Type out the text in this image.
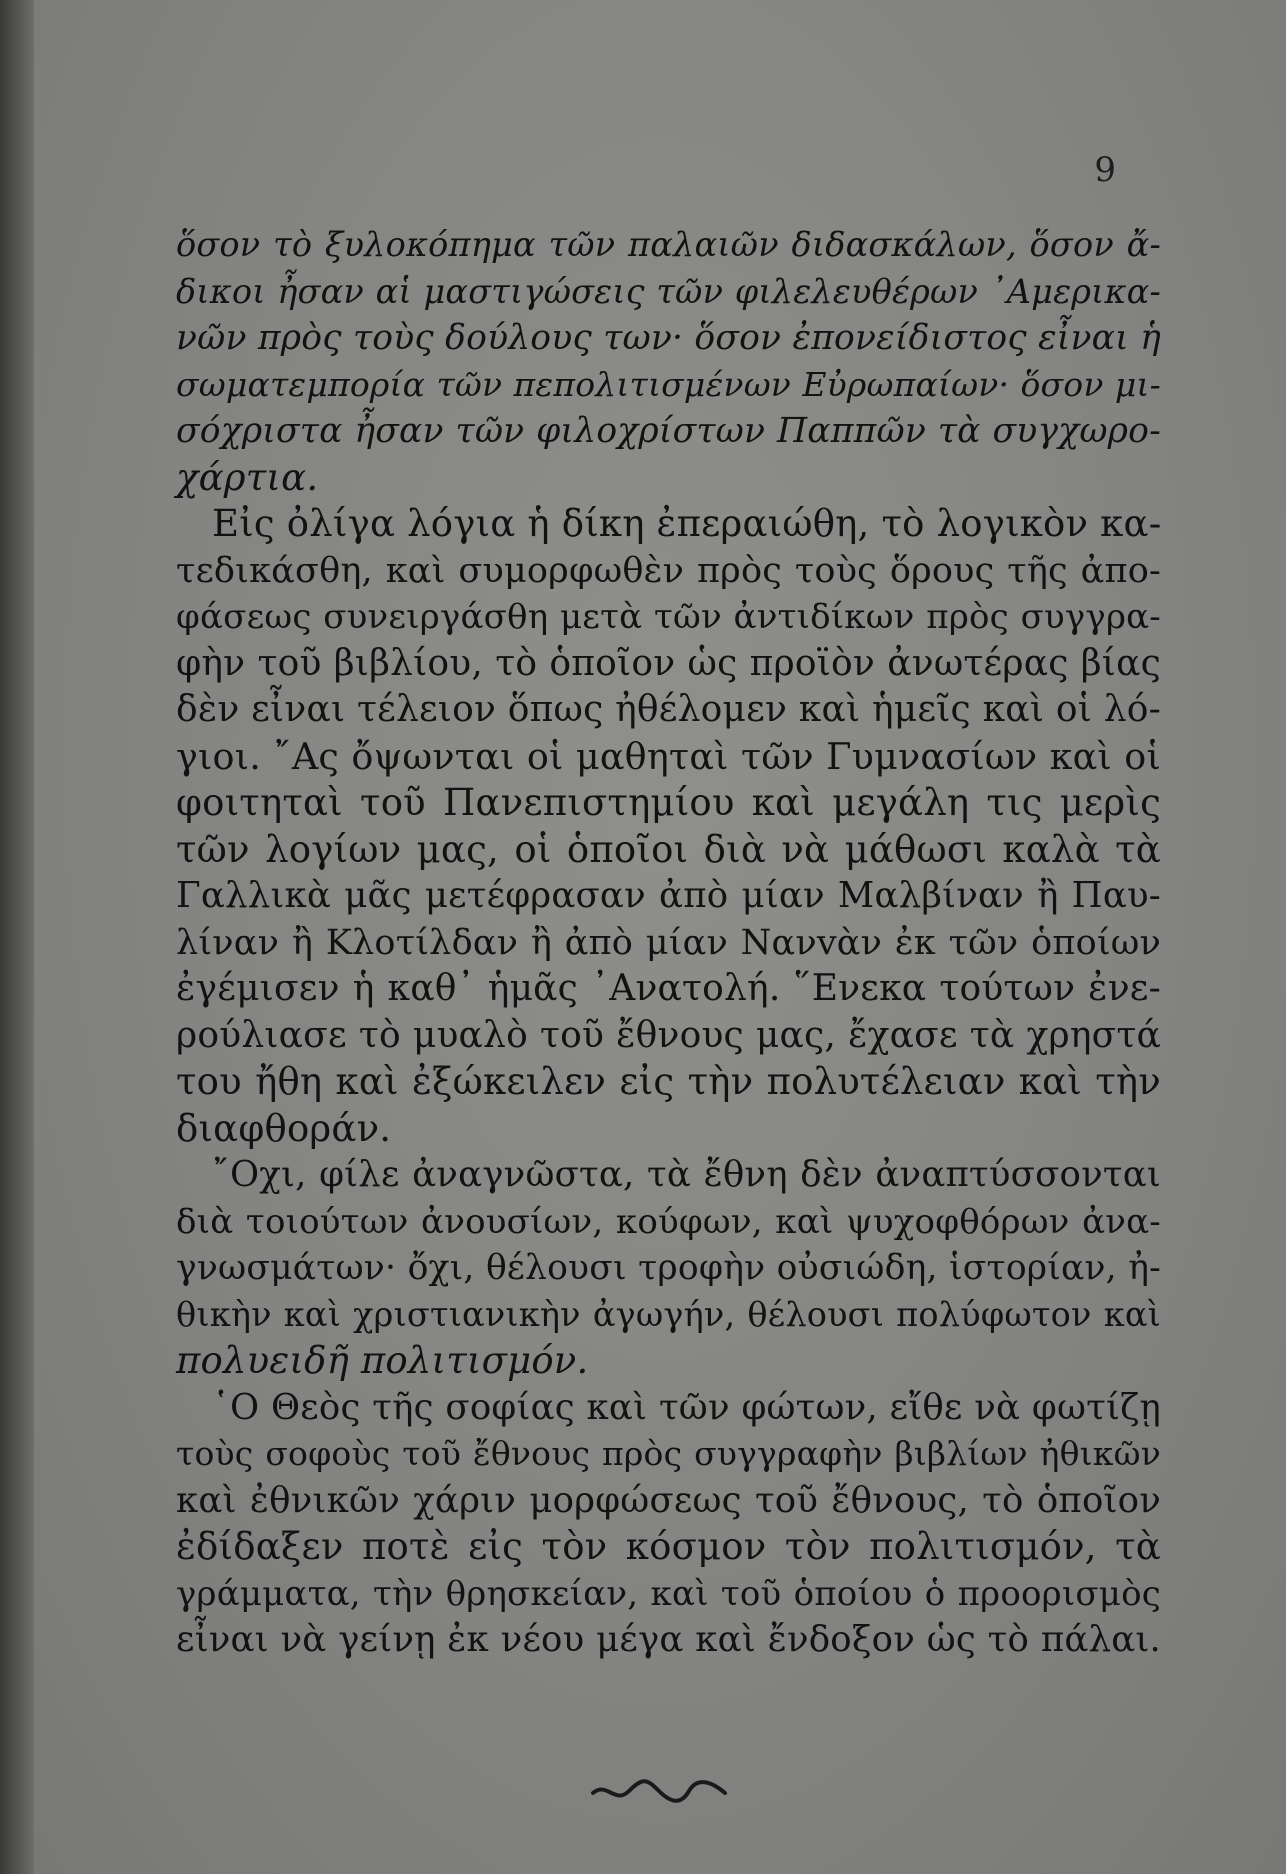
9
ὅσον τὸ ξυλοκόπημα τῶν παλαιῶν διδασκάλων, ὅσον ἄ-
δικοι ἦσαν αἱ μαστιγώσεις τῶν φιλελευθέρων ᾿Αμερικα-
νῶν πρὸς τοὺς δούλους των· ὅσον ἐπονείδιστος εἶναι ἡ
σωματεμπορία τῶν πεπολιτισμένων Εὐρωπαίων· ὅσον μι-
σόχριστα ἦσαν τῶν φιλοχρίστων Παππῶν τὰ συγχωρο-
χάρτια.
Εἰς ὀλίγα λόγια ἡ δίκη ἐπεραιώθη, τὸ λογικὸν κα-
τεδικάσθη, καὶ συμορφωθὲν πρὸς τοὺς ὅρους τῆς ἀπο-
φάσεως συνειργάσθη μετὰ τῶν ἀντιδίκων πρὸς συγγρα-
φὴν τοῦ βιβλίου, τὸ ὁποῖον ὡς προϊὸν ἀνωτέρας βίας
δὲν εἶναι τέλειον ὅπως ἠθέλομεν καὶ ἡμεῖς καὶ οἱ λό-
γιοι. ῎Ας ὄψωνται οἱ μαθηταὶ τῶν Γυμνασίων καὶ οἱ
φοιτηταὶ τοῦ Πανεπιστημίου καὶ μεγάλη τις μερὶς
τῶν λογίων μας, οἱ ὁποῖοι διὰ νὰ μάθωσι καλὰ τὰ
Γαλλικὰ μᾶς μετέφρασαν ἀπὸ μίαν Μαλβίναν ἢ Παυ-
λίναν ἢ Κλοτίλδαν ἢ ἀπὸ μίαν Νανvὰν ἐκ τῶν ὁποίων
ἐγέμισεν ἡ καθ᾿ ἡμᾶς ᾿Ανατολή. ῞Ενεκα τούτων ἐνε-
ρούλιασε τὸ μυαλὸ τοῦ ἔθνους μας, ἔχασε τὰ χρηστά
του ἤθη καὶ ἐξώκειλεν εἰς τὴν πολυτέλειαν καὶ τὴν
διαφθοράν.
῎Οχι, φίλε ἀναγνῶστα, τὰ ἔθνη δὲν ἀναπτύσσονται
διὰ τοιούτων ἀνουσίων, κούφων, καὶ ψυχοφθόρων ἀνα-
γνωσμάτων· ὄχι, θέλουσι τροφὴν οὐσιώδη, ἱστορίαν, ἠ-
θικὴν καὶ χριστιανικὴν ἀγωγήν, θέλουσι πολύφωτον καὶ
πολυειδῆ πολιτισμόν.
῾Ο Θεὸς τῆς σοφίας καὶ τῶν φώτων, εἴθε νὰ φωτίζῃ
τοὺς σοφοὺς τοῦ ἔθνους πρὸς συγγραφὴν βιβλίων ἠθικῶν
καὶ ἐθνικῶν χάριν μορφώσεως τοῦ ἔθνους, τὸ ὁποῖον
ἐδίδαξεν ποτὲ εἰς τὸν κόσμον τὸν πολιτισμόν, τὰ
γράμματα, τὴν θρησκείαν, καὶ τοῦ ὁποίου ὁ προορισμὸς
εἶναι νὰ γείνῃ ἐκ νέου μέγα καὶ ἔνδοξον ὡς τὸ πάλαι.
